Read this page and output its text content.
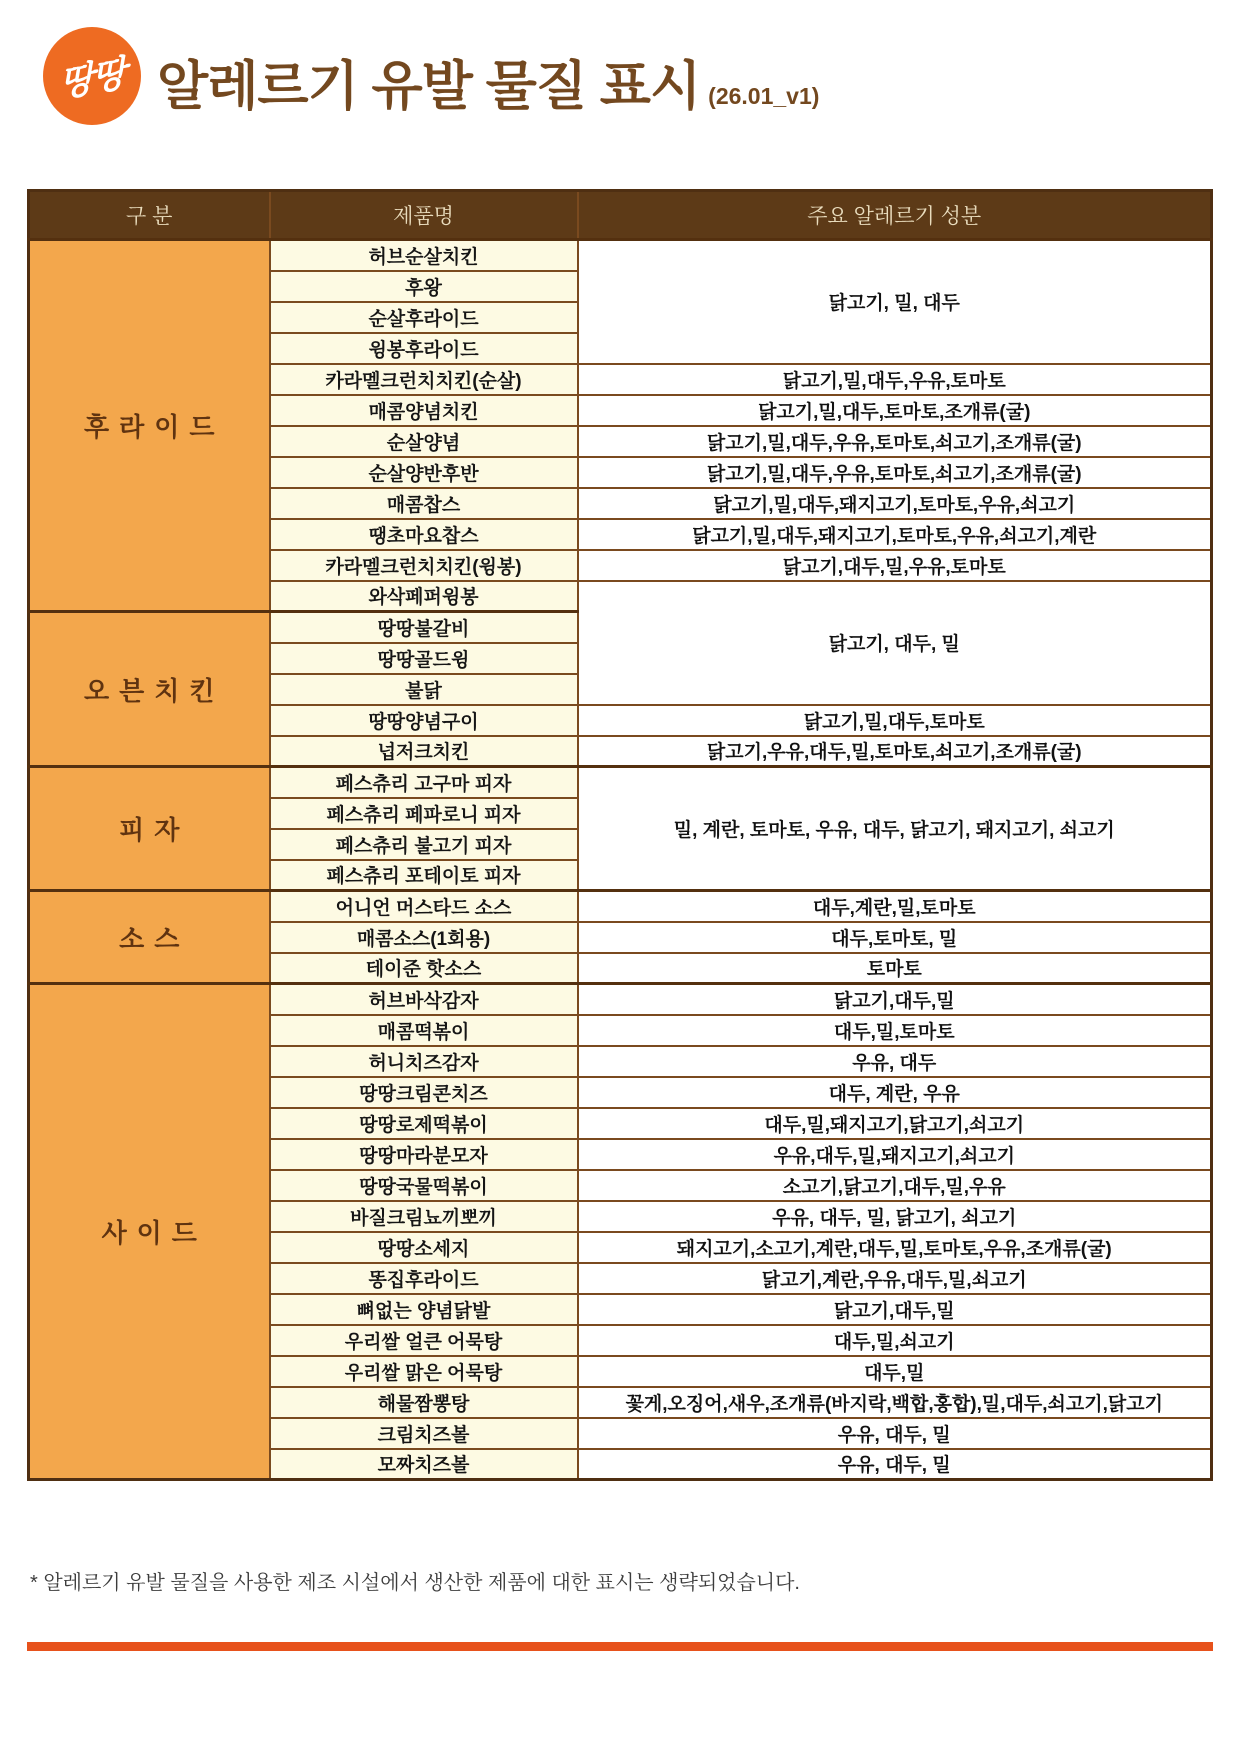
땅땅 알레르기 유발 물질 표시 (26.01_v1)
구 분	제품명	주요 알레르기 성분
후라이드	허브순살치킨	닭고기, 밀, 대두
	후왕	
	순살후라이드	
	윙봉후라이드	
	카라멜크런치치킨(순살)	닭고기,밀,대두,우유,토마토
	매콤양념치킨	닭고기,밀,대두,토마토,조개류(굴)
	순살양념	닭고기,밀,대두,우유,토마토,쇠고기,조개류(굴)
	순살양반후반	닭고기,밀,대두,우유,토마토,쇠고기,조개류(굴)
	매콤찹스	닭고기,밀,대두,돼지고기,토마토,우유,쇠고기
	땡초마요찹스	닭고기,밀,대두,돼지고기,토마토,우유,쇠고기,계란
	카라멜크런치치킨(윙봉)	닭고기,대두,밀,우유,토마토
	와삭페퍼윙봉	닭고기, 대두, 밀
오븐치킨	땅땅불갈비	
	땅땅골드윙	
	불닭	
	땅땅양념구이	닭고기,밀,대두,토마토
	넙저크치킨	닭고기,우유,대두,밀,토마토,쇠고기,조개류(굴)
피자	페스츄리 고구마 피자	밀, 계란, 토마토, 우유, 대두, 닭고기, 돼지고기, 쇠고기
	페스츄리 페파로니 피자	
	페스츄리 불고기 피자	
	페스츄리 포테이토 피자	
소스	어니언 머스타드 소스	대두,계란,밀,토마토
	매콤소스(1회용)	대두,토마토, 밀
	테이준 핫소스	토마토
사이드	허브바삭감자	닭고기,대두,밀
	매콤떡볶이	대두,밀,토마토
	허니치즈감자	우유, 대두
	땅땅크림콘치즈	대두, 계란, 우유
	땅땅로제떡볶이	대두,밀,돼지고기,닭고기,쇠고기
	땅땅마라분모자	우유,대두,밀,돼지고기,쇠고기
	땅땅국물떡볶이	소고기,닭고기,대두,밀,우유
	바질크림뇨끼뽀끼	우유, 대두, 밀, 닭고기, 쇠고기
	땅땅소세지	돼지고기,소고기,계란,대두,밀,토마토,우유,조개류(굴)
	똥집후라이드	닭고기,계란,우유,대두,밀,쇠고기
	뼈없는 양념닭발	닭고기,대두,밀
	우리쌀 얼큰 어묵탕	대두,밀,쇠고기
	우리쌀 맑은 어묵탕	대두,밀
	해물짬뽕탕	꽃게,오징어,새우,조개류(바지락,백합,홍합),밀,대두,쇠고기,닭고기
	크림치즈볼	우유, 대두, 밀
	모짜치즈볼	우유, 대두, 밀

* 알레르기 유발 물질을 사용한 제조 시설에서 생산한 제품에 대한 표시는 생략되었습니다.
